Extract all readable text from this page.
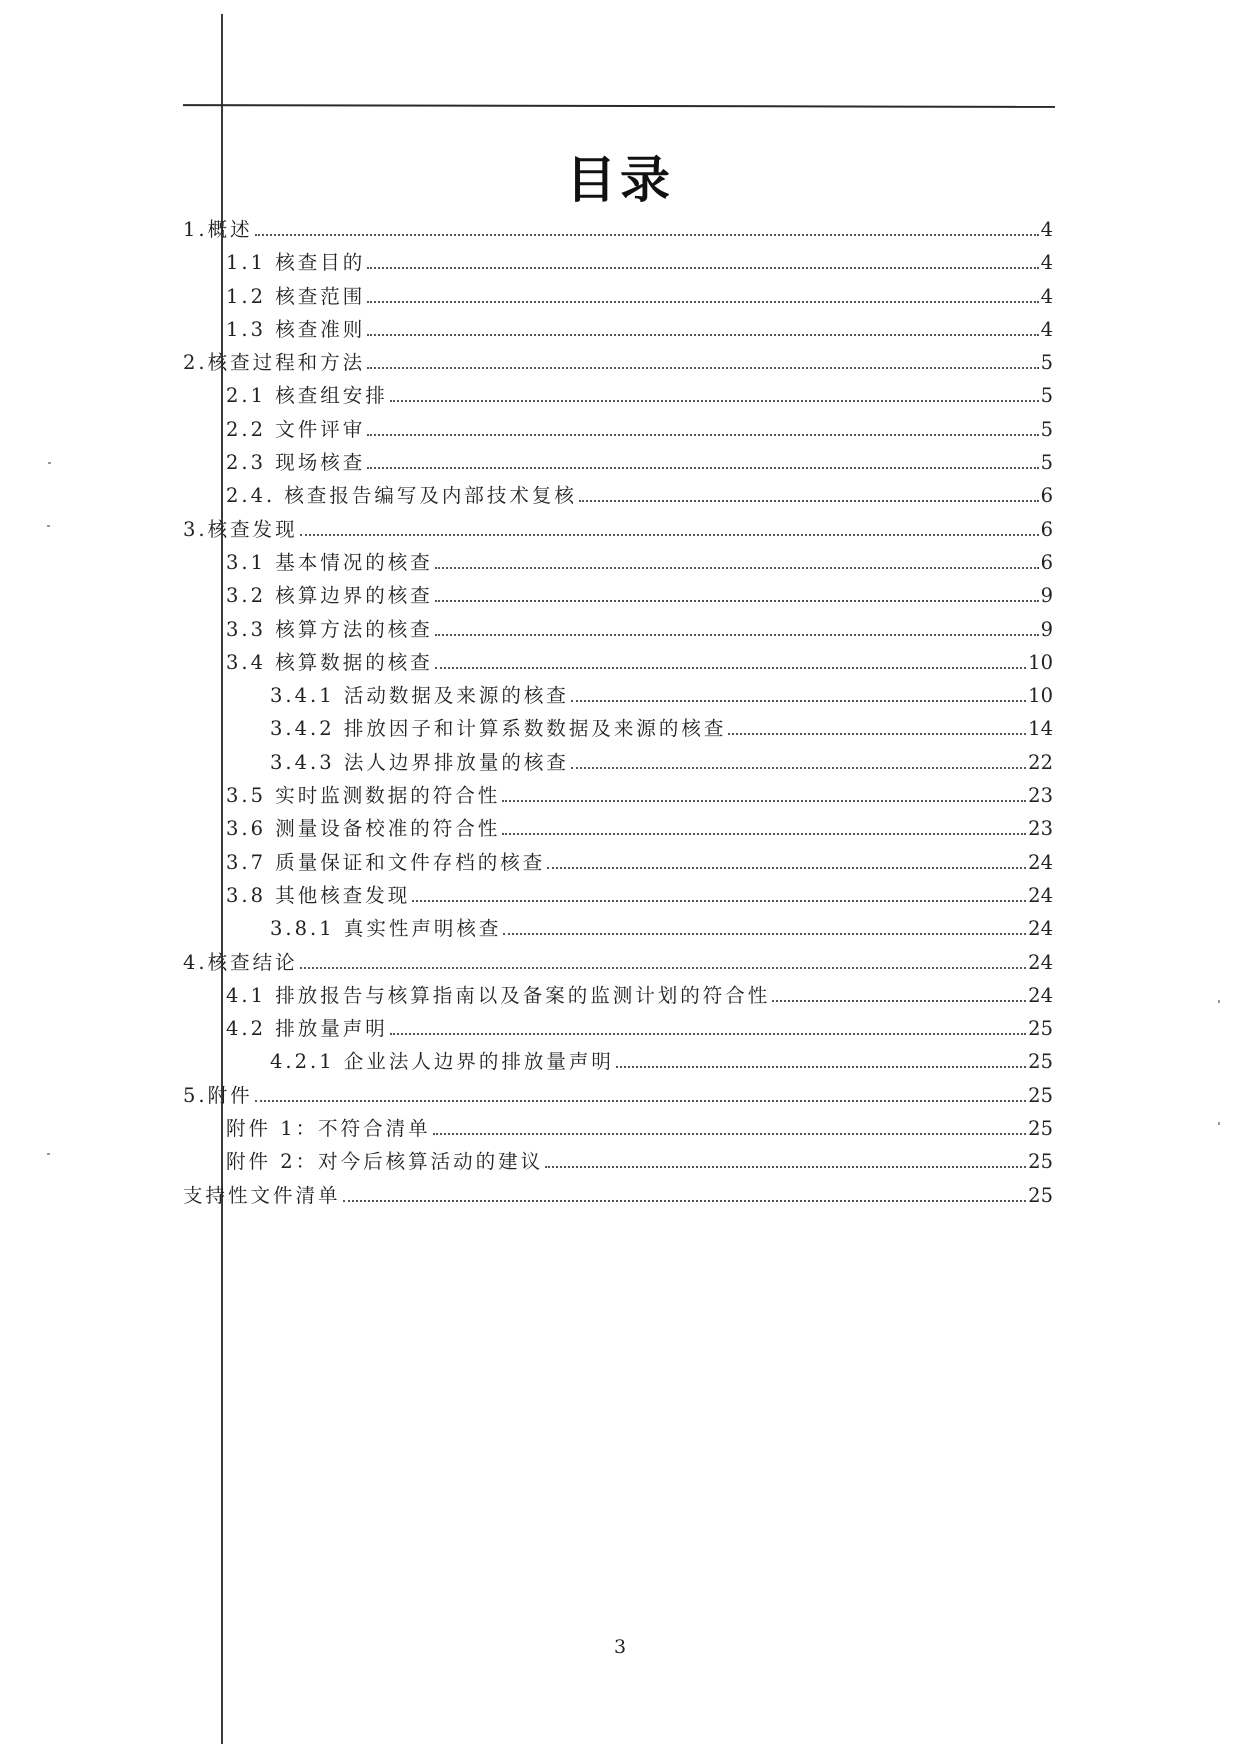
目录
1.概述	4
1.1 核查目的	4
1.2 核查范围	4
1.3 核查准则	4
2.核查过程和方法	5
2.1 核查组安排	5
2.2 文件评审	5
2.3 现场核查	5
2.4. 核查报告编写及内部技术复核	6
3.核查发现	6
3.1 基本情况的核查	6
3.2 核算边界的核查	9
3.3 核算方法的核查	9
3.4 核算数据的核查	10
3.4.1 活动数据及来源的核查	10
3.4.2 排放因子和计算系数数据及来源的核查	14
3.4.3 法人边界排放量的核查	22
3.5 实时监测数据的符合性	23
3.6 测量设备校准的符合性	23
3.7 质量保证和文件存档的核查	24
3.8 其他核查发现	24
3.8.1 真实性声明核查	24
4.核查结论	24
4.1 排放报告与核算指南以及备案的监测计划的符合性	24
4.2 排放量声明	25
4.2.1 企业法人边界的排放量声明	25
5.附件	25
附件 1：不符合清单	25
附件 2：对今后核算活动的建议	25
支持性文件清单	25
3
